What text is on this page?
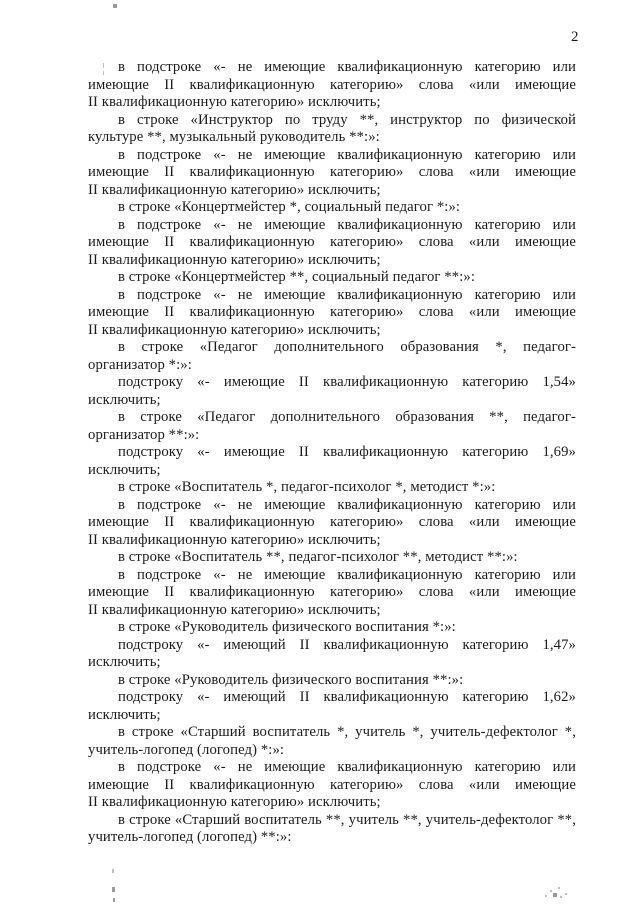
2

в подстроке «- не имеющие квалификационную категорию или имеющие II квалификационную категорию» слова «или имеющие II квалификационную категорию» исключить;

в строке «Инструктор по труду **, инструктор по физической культуре **, музыкальный руководитель **:»:

в подстроке «- не имеющие квалификационную категорию или имеющие II квалификационную категорию» слова «или имеющие II квалификационную категорию» исключить;

в строке «Концертмейстер *, социальный педагог *:»:

в подстроке «- не имеющие квалификационную категорию или имеющие II квалификационную категорию» слова «или имеющие II квалификационную категорию» исключить;

в строке «Концертмейстер **, социальный педагог **:»:

в подстроке «- не имеющие квалификационную категорию или имеющие II квалификационную категорию» слова «или имеющие II квалификационную категорию» исключить;

в строке «Педагог дополнительного образования *, педагог-организатор *:»:

подстроку «- имеющие II квалификационную категорию 1,54» исключить;

в строке «Педагог дополнительного образования **, педагог-организатор **:»:

подстроку «- имеющие II квалификационную категорию 1,69» исключить;

в строке «Воспитатель *, педагог-психолог *, методист *:»:

в подстроке «- не имеющие квалификационную категорию или имеющие II квалификационную категорию» слова «или имеющие II квалификационную категорию» исключить;

в строке «Воспитатель **, педагог-психолог **, методист **:»:

в подстроке «- не имеющие квалификационную категорию или имеющие II квалификационную категорию» слова «или имеющие II квалификационную категорию» исключить;

в строке «Руководитель физического воспитания *:»:

подстроку «- имеющий II квалификационную категорию 1,47» исключить;

в строке «Руководитель физического воспитания **:»:

подстроку «- имеющий II квалификационную категорию 1,62» исключить;

в строке «Старший воспитатель *, учитель *, учитель-дефектолог *, учитель-логопед (логопед) *:»:

в подстроке «- не имеющие квалификационную категорию или имеющие II квалификационную категорию» слова «или имеющие II квалификационную категорию» исключить;

в строке «Старший воспитатель **, учитель **, учитель-дефектолог **, учитель-логопед (логопед) **:»:
